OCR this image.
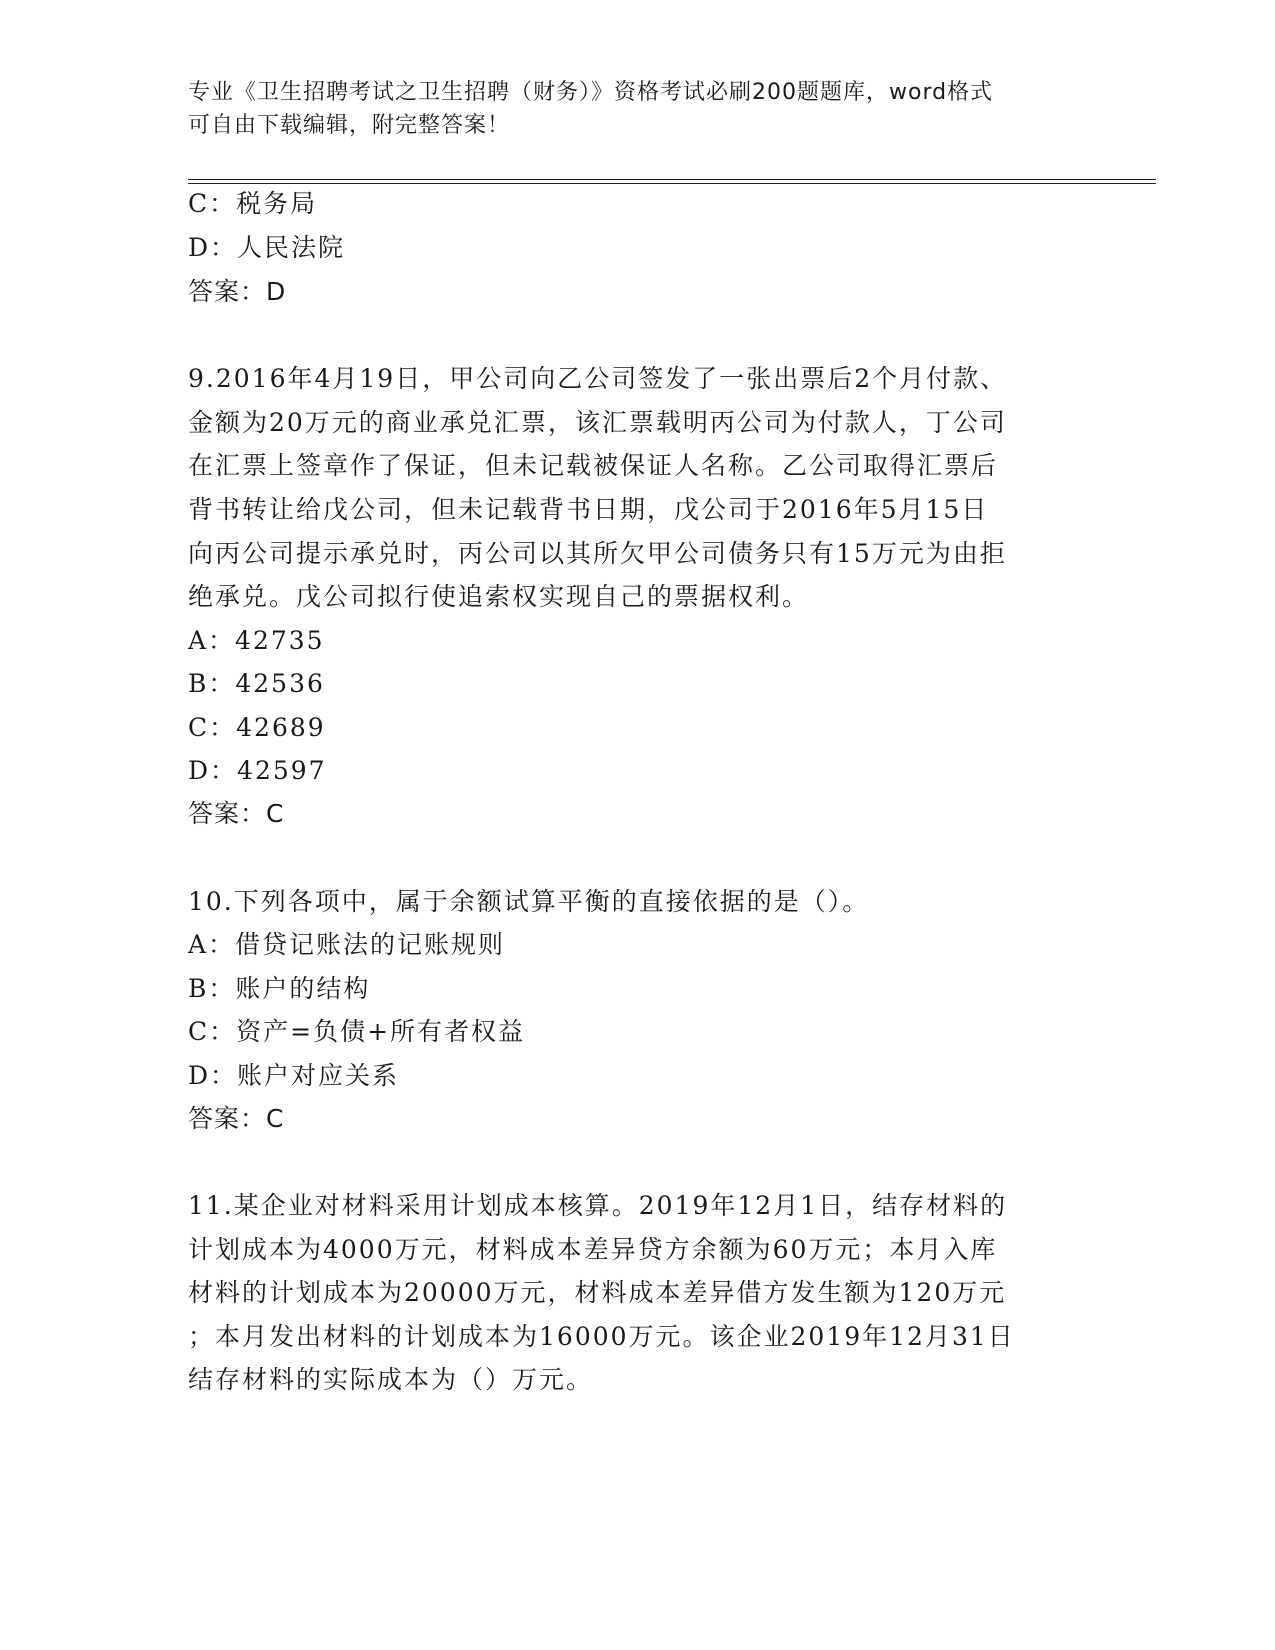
专业《卫生招聘考试之卫生招聘（财务）》资格考试必刷200题题库，word格式
可自由下载编辑，附完整答案！
C：税务局
D：人民法院
答案：D
9.2016年4月19日，甲公司向乙公司签发了一张出票后2个月付款、
金额为20万元的商业承兑汇票，该汇票载明丙公司为付款人，丁公司
在汇票上签章作了保证，但未记载被保证人名称。乙公司取得汇票后
背书转让给戊公司，但未记载背书日期，戊公司于2016年5月15日
向丙公司提示承兑时，丙公司以其所欠甲公司债务只有15万元为由拒
绝承兑。戊公司拟行使追索权实现自己的票据权利。
A：42735
B：42536
C：42689
D：42597
答案：C
10.下列各项中，属于余额试算平衡的直接依据的是（）。
A：借贷记账法的记账规则
B：账户的结构
C：资产=负债+所有者权益
D：账户对应关系
答案：C
11.某企业对材料采用计划成本核算。2019年12月1日，结存材料的
计划成本为4000万元，材料成本差异贷方余额为60万元；本月入库
材料的计划成本为20000万元，材料成本差异借方发生额为120万元
；本月发出材料的计划成本为16000万元。该企业2019年12月31日
结存材料的实际成本为（）万元。
